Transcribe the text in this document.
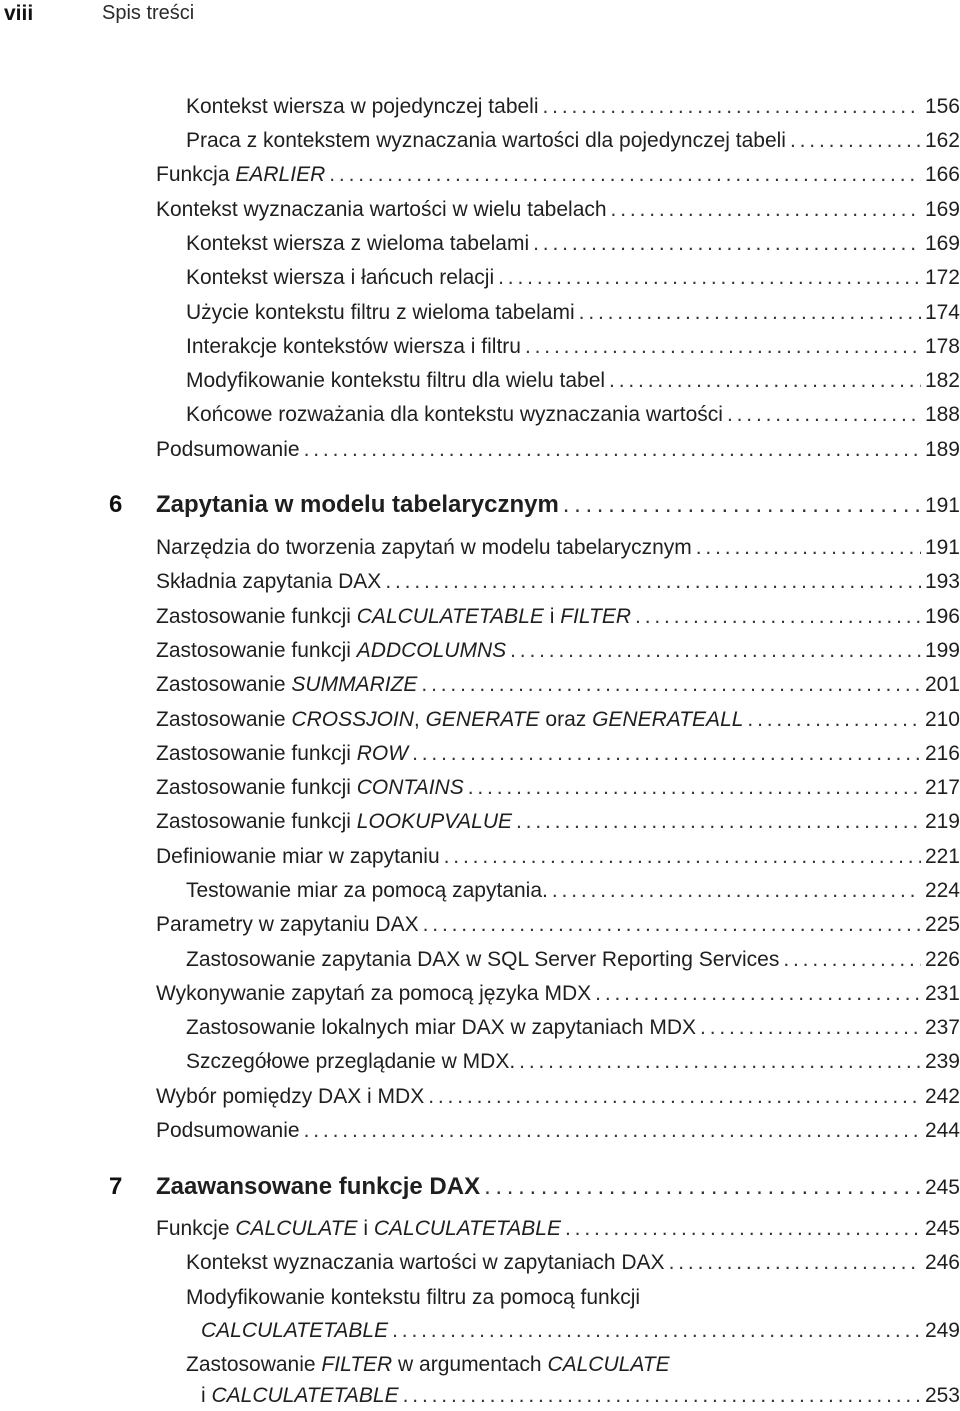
viii	Spis treści
Kontekst wiersza w pojedynczej tabeli . . .	156
Praca z kontekstem wyznaczania wartości dla pojedynczej tabeli . . .	162
Funkcja EARLIER . . .	166
Kontekst wyznaczania wartości w wielu tabelach . . .	169
Kontekst wiersza z wieloma tabelami . . .	169
Kontekst wiersza i łańcuch relacji . . .	172
Użycie kontekstu filtru z wieloma tabelami . . .	174
Interakcje kontekstów wiersza i filtru . . .	178
Modyfikowanie kontekstu filtru dla wielu tabel . . .	182
Końcowe rozważania dla kontekstu wyznaczania wartości . . .	188
Podsumowanie . . .	189
6 Zapytania w modelu tabelarycznym . . .	191
Narzędzia do tworzenia zapytań w modelu tabelarycznym . . .	191
Składnia zapytania DAX . . .	193
Zastosowanie funkcji CALCULATETABLE i FILTER . . .	196
Zastosowanie funkcji ADDCOLUMNS . . .	199
Zastosowanie SUMMARIZE . . .	201
Zastosowanie CROSSJOIN, GENERATE oraz GENERATEALL . . .	210
Zastosowanie funkcji ROW . . .	216
Zastosowanie funkcji CONTAINS . . .	217
Zastosowanie funkcji LOOKUPVALUE . . .	219
Definiowanie miar w zapytaniu . . .	221
Testowanie miar za pomocą zapytania. . . .	224
Parametry w zapytaniu DAX . . .	225
Zastosowanie zapytania DAX w SQL Server Reporting Services . . .	226
Wykonywanie zapytań za pomocą języka MDX . . .	231
Zastosowanie lokalnych miar DAX w zapytaniach MDX . . .	237
Szczegółowe przeglądanie w MDX. . . .	239
Wybór pomiędzy DAX i MDX . . .	242
Podsumowanie . . .	244
7 Zaawansowane funkcje DAX . . .	245
Funkcje CALCULATE i CALCULATETABLE . . .	245
Kontekst wyznaczania wartości w zapytaniach DAX . . .	246
Modyfikowanie kontekstu filtru za pomocą funkcji
CALCULATETABLE . . .	249
Zastosowanie FILTER w argumentach CALCULATE
i CALCULATETABLE . . .	253
